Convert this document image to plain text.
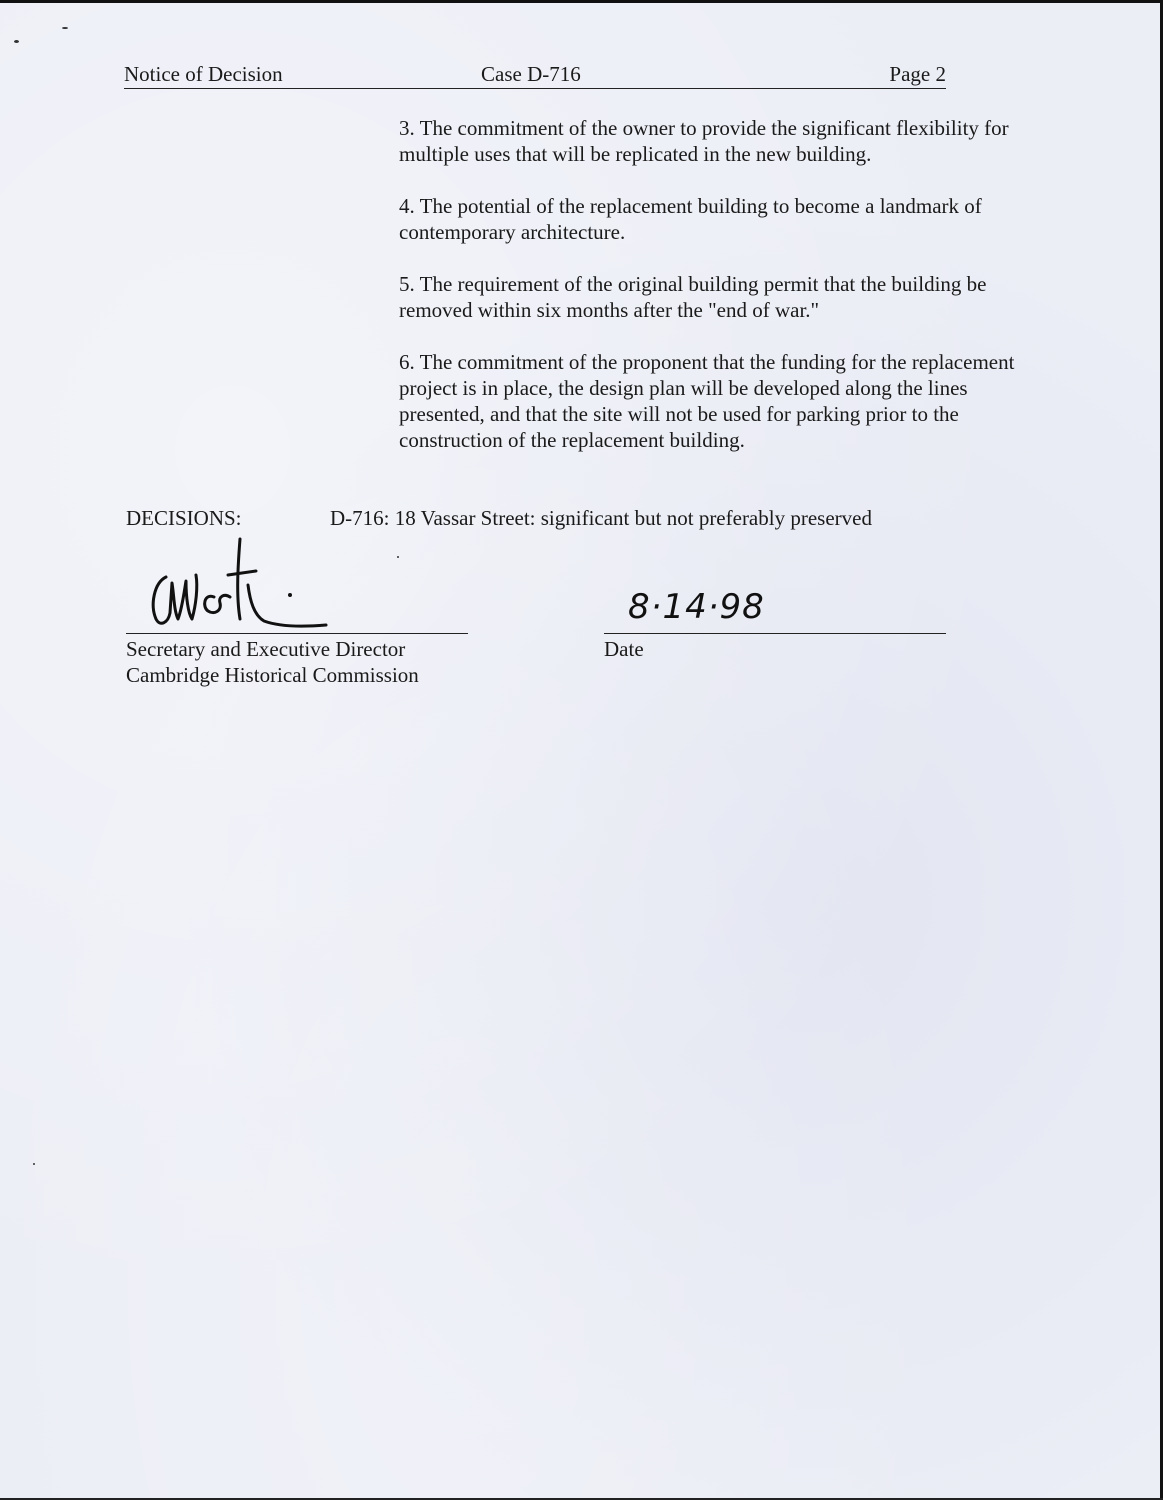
Notice of Decision	Case D-716	Page 2

3. The commitment of the owner to provide the significant flexibility for multiple uses that will be replicated in the new building.

4. The potential of the replacement building to become a landmark of contemporary architecture.

5. The requirement of the original building permit that the building be removed within six months after the "end of war."

6. The commitment of the proponent that the funding for the replacement project is in place, the design plan will be developed along the lines presented, and that the site will not be used for parking prior to the construction of the replacement building.

DECISIONS:	D-716: 18 Vassar Street: significant but not preferably preserved
Secretary and Executive Director
Cambridge Historical Commission
8·14·98
Date
